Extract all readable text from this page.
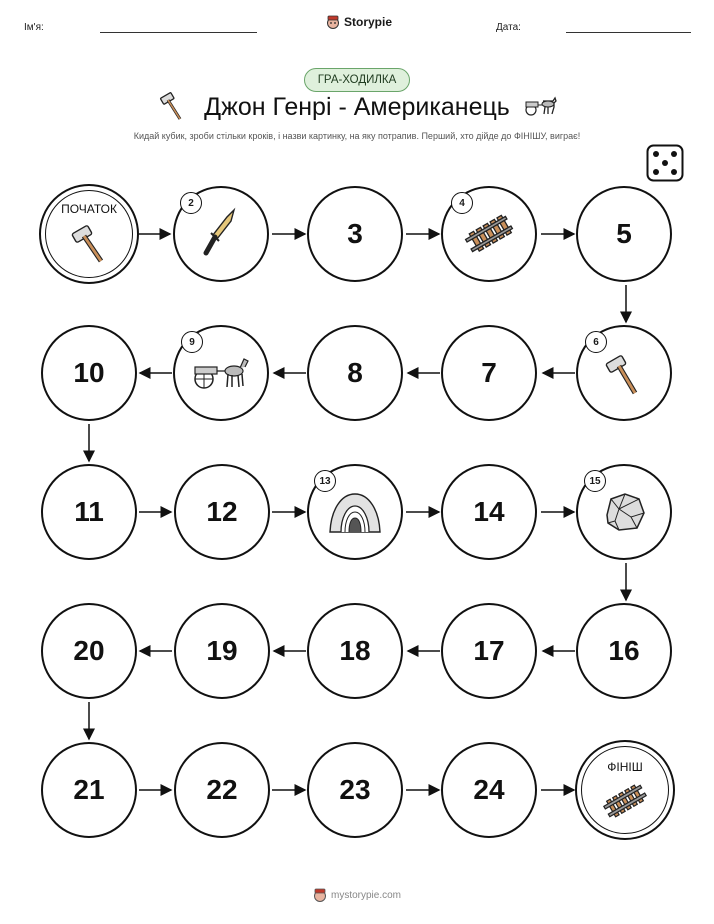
Ім'я:	Storypie	Дата:
ГРА-ХОДИЛКА
Джон Генрі - Американець
Кидай кубик, зроби стільки кроків, і назви картинку, на яку потрапив. Перший, хто дійде до ФІНІШУ, виграє!
ПОЧАТОК	2
3
4
5
10
9
8	7
6
11	12
13
14
15
20	19	18	17	16
21	22	23	24
ФІНІШ
mystorypie.com
